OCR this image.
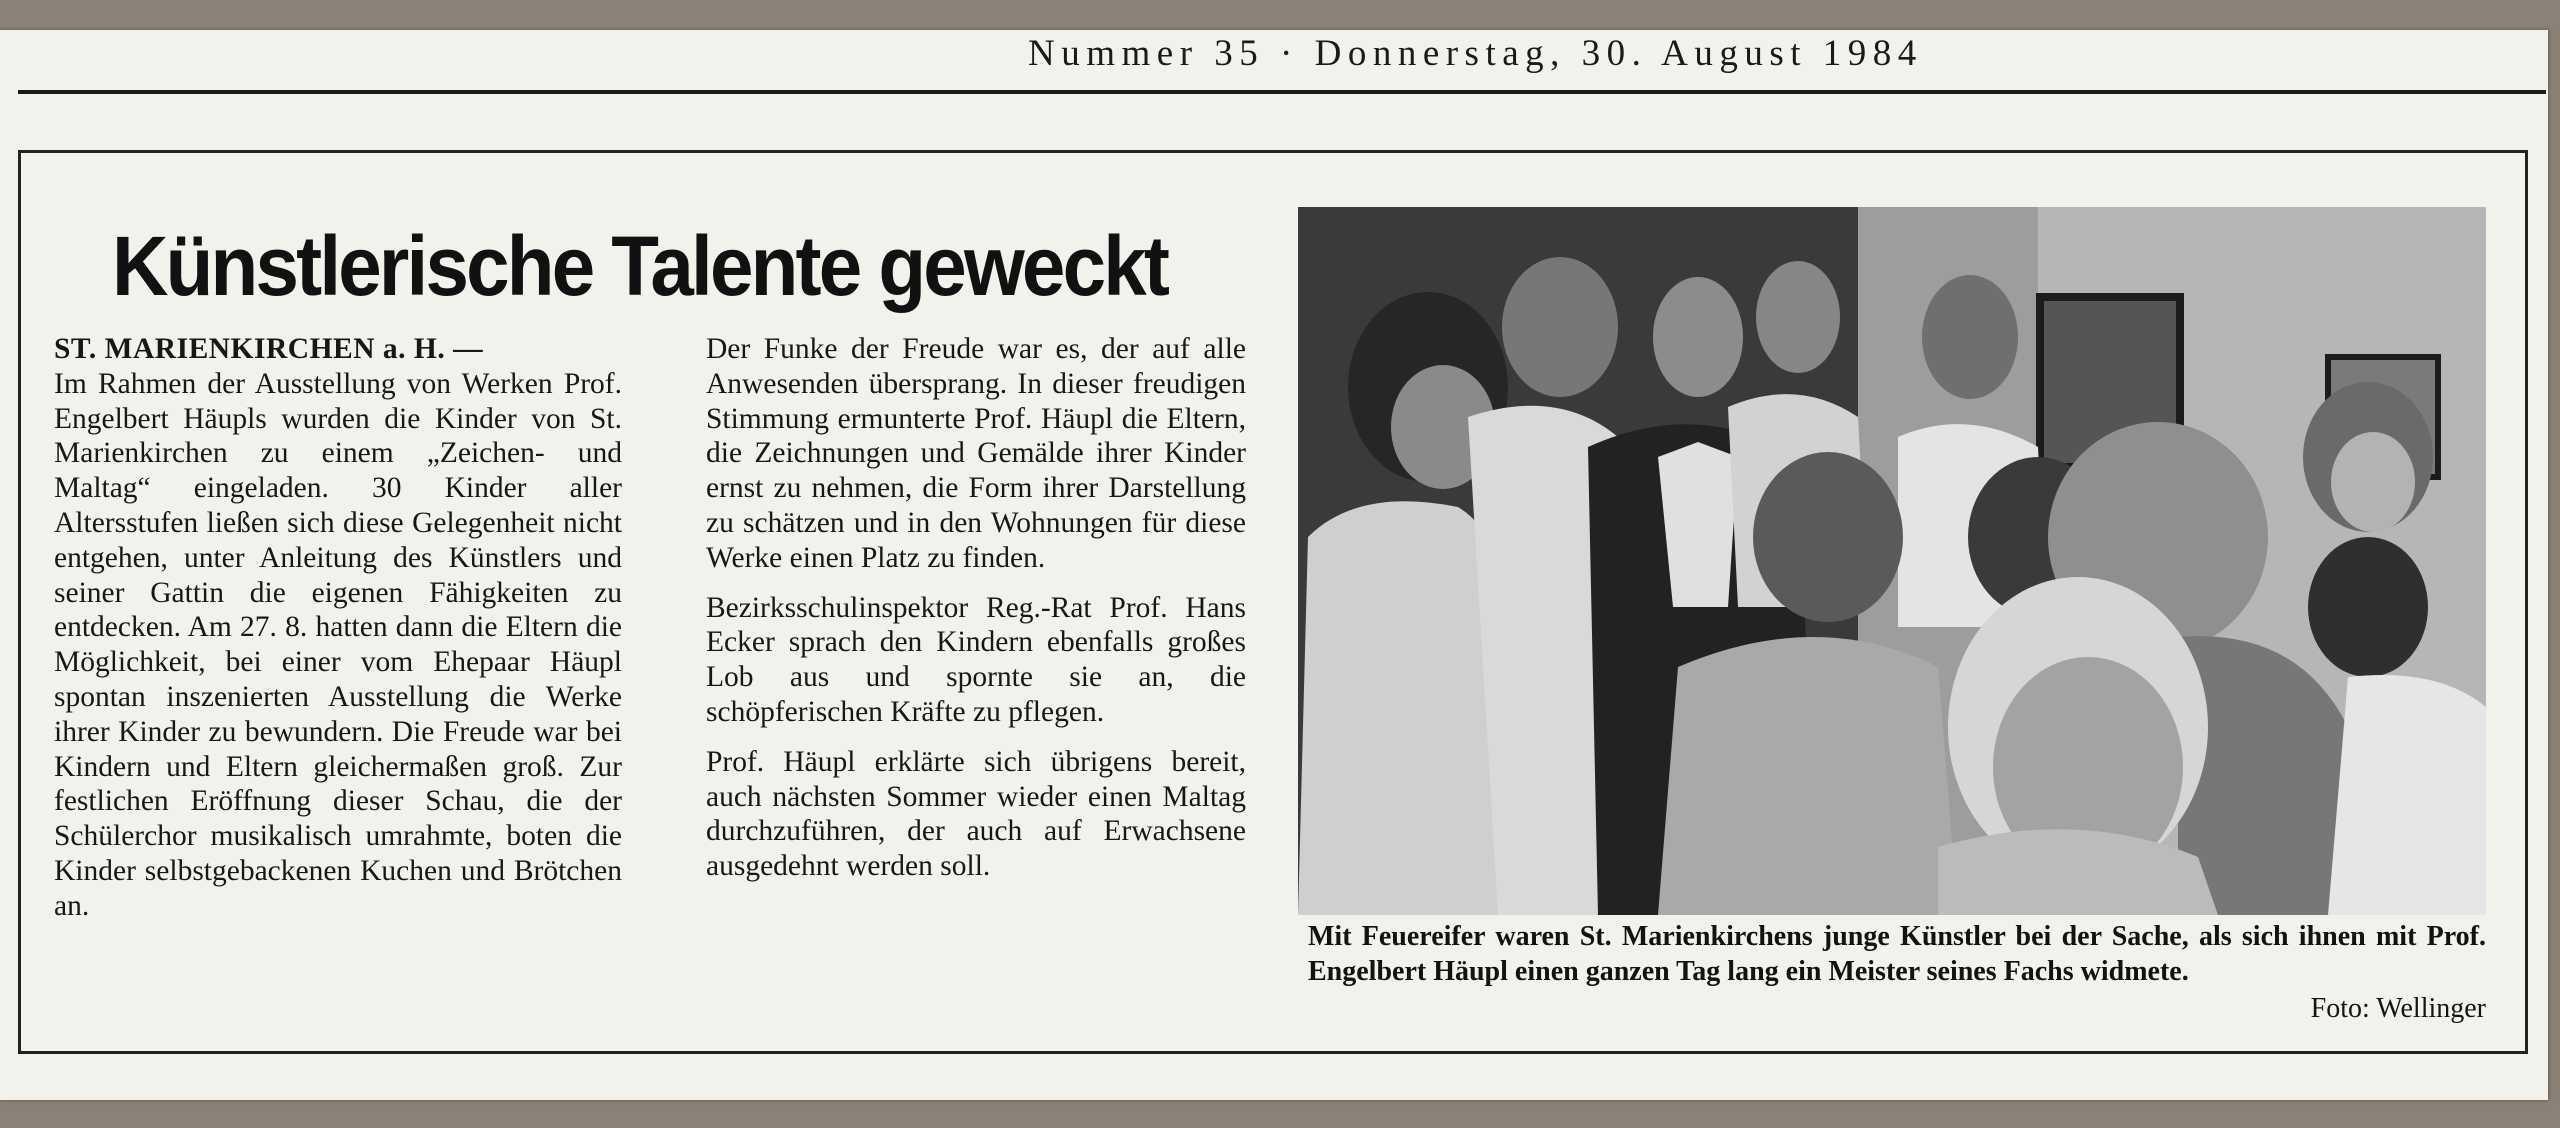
Nummer 35 · Donnerstag, 30. August 1984
Künstlerische Talente geweckt

ST. MARIENKIRCHEN a. H. —
Im Rahmen der Ausstellung von Werken Prof. Engelbert Häupls wurden die Kinder von St. Marienkirchen zu einem „Zeichen- und Maltag“ eingeladen. 30 Kinder aller Altersstufen ließen sich diese Gelegenheit nicht entgehen, unter Anleitung des Künstlers und seiner Gattin die eigenen Fähigkeiten zu entdecken. Am 27. 8. hatten dann die Eltern die Möglichkeit, bei einer vom Ehepaar Häupl spontan inszenierten Ausstellung die Werke ihrer Kinder zu bewundern. Die Freude war bei Kindern und Eltern gleichermaßen groß. Zur festlichen Eröffnung dieser Schau, die der Schülerchor musikalisch umrahmte, boten die Kinder selbstgebackenen Kuchen und Brötchen an.

Der Funke der Freude war es, der auf alle Anwesenden übersprang. In dieser freudigen Stimmung ermunterte Prof. Häupl die Eltern, die Zeichnungen und Gemälde ihrer Kinder ernst zu nehmen, die Form ihrer Darstellung zu schätzen und in den Wohnungen für diese Werke einen Platz zu finden.

Bezirksschulinspektor Reg.-Rat Prof. Hans Ecker sprach den Kindern ebenfalls großes Lob aus und spornte sie an, die schöpferischen Kräfte zu pflegen.

Prof. Häupl erklärte sich übrigens bereit, auch nächsten Sommer wieder einen Maltag durchzuführen, der auch auf Erwachsene ausgedehnt werden soll.

Mit Feuereifer waren St. Marienkirchens junge Künstler bei der Sache, als sich ihnen mit Prof. Engelbert Häupl einen ganzen Tag lang ein Meister seines Fachs widmete.
Foto: Wellinger
